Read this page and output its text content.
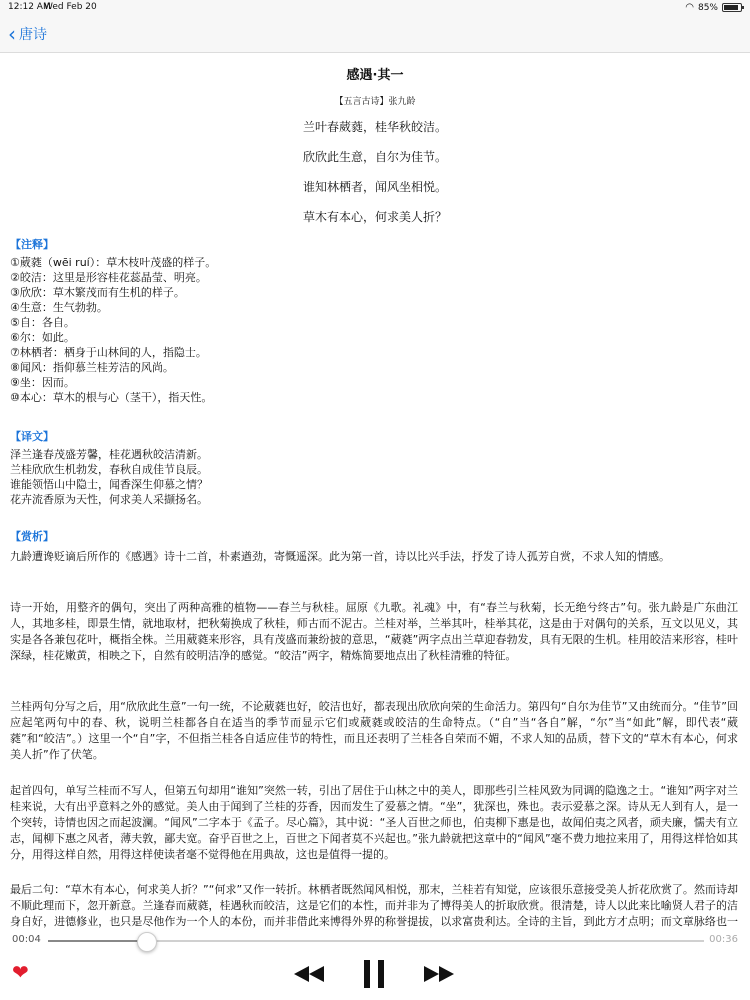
12:12 AM
Wed Feb 20	◠ 85%
‹ 唐诗
感遇·其一
【五言古诗】张九龄
兰叶春葳蕤，桂华秋皎洁。
欣欣此生意，自尔为佳节。
谁知林栖者，闻风坐相悦。
草木有本心，何求美人折？
【注释】
①葳蕤（wēi ruí）：草木枝叶茂盛的样子。
②皎洁：这里是形容桂花蕊晶莹、明亮。
③欣欣：草木繁茂而有生机的样子。
④生意：生气勃勃。
⑤自：各自。
⑥尔：如此。
⑦林栖者：栖身于山林间的人，指隐士。
⑧闻风：指仰慕兰桂芳洁的风尚。
⑨坐：因而。
⑩本心：草木的根与心（茎干），指天性。
【译文】
泽兰逢春茂盛芳馨，桂花遇秋皎洁清新。
兰桂欣欣生机勃发，春秋自成佳节良辰。
谁能领悟山中隐士，闻香深生仰慕之情？
花卉流香原为天性，何求美人采撷扬名。
【赏析】
九龄遭谗贬谪后所作的《感遇》诗十二首，朴素遒劲，寄慨遥深。此为第一首，诗以比兴手法，抒发了诗人孤芳自赏，不求人知的情感。
诗一开始，用整齐的偶句，突出了两种高雅的植物——春兰与秋桂。屈原《九歌。礼魂》中，有“春兰与秋菊，长无绝兮终古”句。张九龄是广东曲江人，其地多桂，即景生情，就地取材，把秋菊换成了秋桂，师古而不泥古。兰桂对举，兰举其叶，桂举其花，这是由于对偶句的关系，互文以见义，其实是各各兼包花叶，概指全株。兰用葳蕤来形容，具有茂盛而兼纷披的意思，“葳蕤”两字点出兰草迎春勃发，具有无限的生机。桂用皎洁来形容，桂叶深绿，桂花嫩黄，相映之下，自然有皎明洁净的感觉。“皎洁”两字，精炼简要地点出了秋桂清雅的特征。
兰桂两句分写之后，用“欣欣此生意”一句一统，不论葳蕤也好，皎洁也好，都表现出欣欣向荣的生命活力。第四句“自尔为佳节”又由统而分。“佳节”回应起笔两句中的春、秋，说明兰桂都各自在适当的季节而显示它们或葳蕤或皎洁的生命特点。（“自”当“各自”解，“尔”当“如此”解，即代表“葳蕤”和“皎洁”。）这里一个“自”字，不但指兰桂各自适应佳节的特性，而且还表明了兰桂各自荣而不媚，不求人知的品质，替下文的“草木有本心，何求美人折”作了伏笔。
起首四句，单写兰桂而不写人，但第五句却用“谁知”突然一转，引出了居住于山林之中的美人，即那些引兰桂风致为同调的隐逸之士。“谁知”两字对兰桂来说，大有出乎意料之外的感觉。美人由于闻到了兰桂的芬香，因而发生了爱慕之情。“坐”，犹深也，殊也。表示爱慕之深。诗从无人到有人，是一个突转，诗情也因之而起波澜。“闻风”二字本于《孟子。尽心篇》，其中说：“圣人百世之师也，伯夷柳下惠是也，故闻伯夷之风者，顽夫廉，懦夫有立志，闻柳下惠之风者，薄夫敦，鄙夫宽。奋乎百世之上，百世之下闻者莫不兴起也。”张九龄就把这章中的“闻风”毫不费力地拉来用了，用得这样恰如其分，用得这样自然，用得这样使读者毫不觉得他在用典故，这也是值得一提的。
最后二句：“草木有本心，何求美人折？”“何求”又作一转折。林栖者既然闻风相悦，那末，兰桂若有知觉，应该很乐意接受美人折花欣赏了。然而诗却不顺此理而下，忽开新意。兰逢春而葳蕤，桂遇秋而皎洁，这是它们的本性，而并非为了博得美人的折取欣赏。很清楚，诗人以此来比喻贤人君子的洁身自好，进德修业，也只是尽他作为一个人的本份，而并非借此来博得外界的称誉提拔，以求富贵利达。全诗的主旨，到此方才点明；而文章脉络也一
00:04	00:36
❤
